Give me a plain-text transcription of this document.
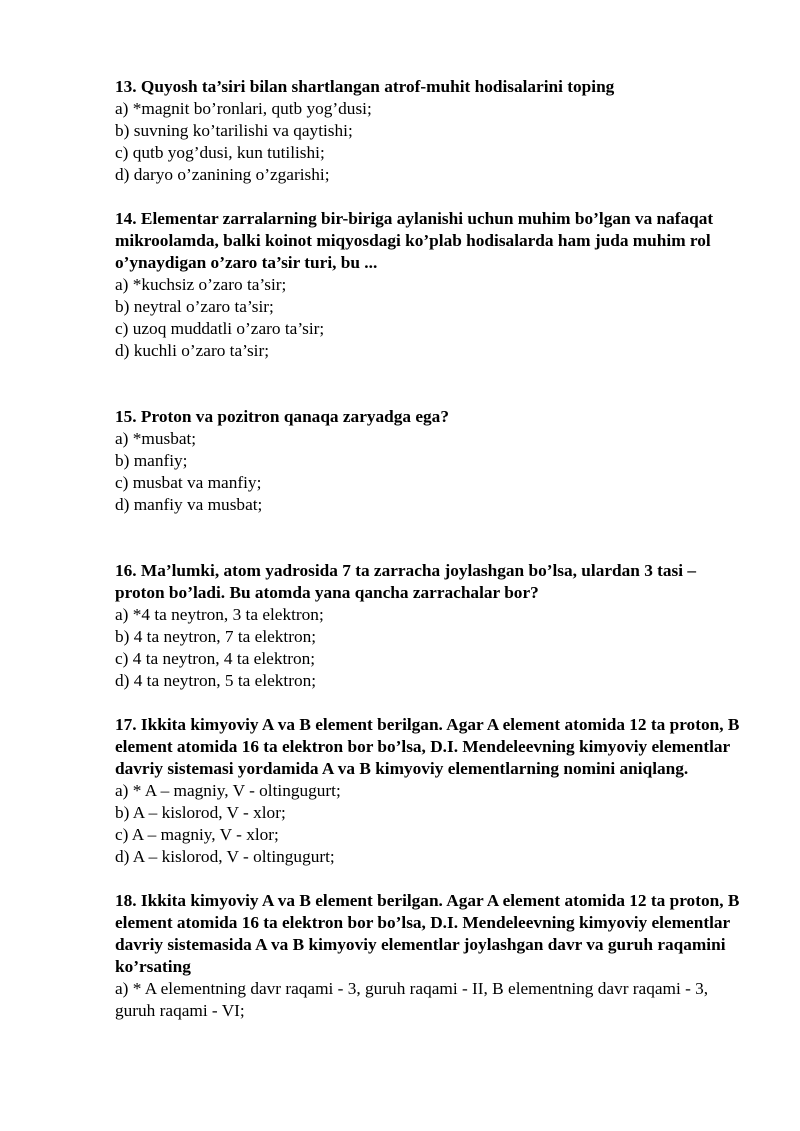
13. Quyosh ta’siri bilan shartlangan atrof-muhit hodisalarini toping

a) *magnit bo’ronlari, qutb yog’dusi;

b) suvning ko’tarilishi va qaytishi;

c) qutb yog’dusi, kun tutilishi;

d) daryo o’zanining o’zgarishi;

14. Elementar zarralarning bir-biriga aylanishi uchun muhim bo’lgan va nafaqat mikroolamda, balki koinot miqyosdagi ko’plab hodisalarda ham juda muhim rol o’ynaydigan o’zaro ta’sir turi, bu ...

a) *kuchsiz o’zaro ta’sir;

b) neytral o’zaro ta’sir;

c) uzoq muddatli o’zaro ta’sir;

d) kuchli o’zaro ta’sir;

15. Proton va pozitron qanaqa zaryadga ega?

a) *musbat;

b) manfiy;

c) musbat va manfiy;

d) manfiy va musbat;

16. Ma’lumki, atom yadrosida 7 ta zarracha joylashgan bo’lsa, ulardan 3 tasi – proton bo’ladi. Bu atomda yana qancha zarrachalar bor?

a) *4 ta neytron, 3 ta elektron;

b) 4 ta neytron, 7 ta elektron;

c) 4 ta neytron, 4 ta elektron;

d) 4 ta neytron, 5 ta elektron;

17. Ikkita kimyoviy A va B element berilgan. Agar A element atomida 12 ta proton, B element atomida 16 ta elektron bor bo’lsa, D.I. Mendeleevning kimyoviy elementlar davriy sistemasi yordamida A va B kimyoviy elementlarning nomini aniqlang.

a) * A – magniy, V - oltingugurt;

b) A – kislorod, V - xlor;

c) A – magniy, V - xlor;

d) A – kislorod, V - oltingugurt;

18. Ikkita kimyoviy A va B element berilgan. Agar A element atomida 12 ta proton, B element atomida 16 ta elektron bor bo’lsa, D.I. Mendeleevning kimyoviy elementlar davriy sistemasida A va B kimyoviy elementlar joylashgan davr va guruh raqamini ko’rsating

a) * A elementning davr raqami - 3, guruh raqami - II, B elementning davr raqami - 3, guruh raqami - VI;
